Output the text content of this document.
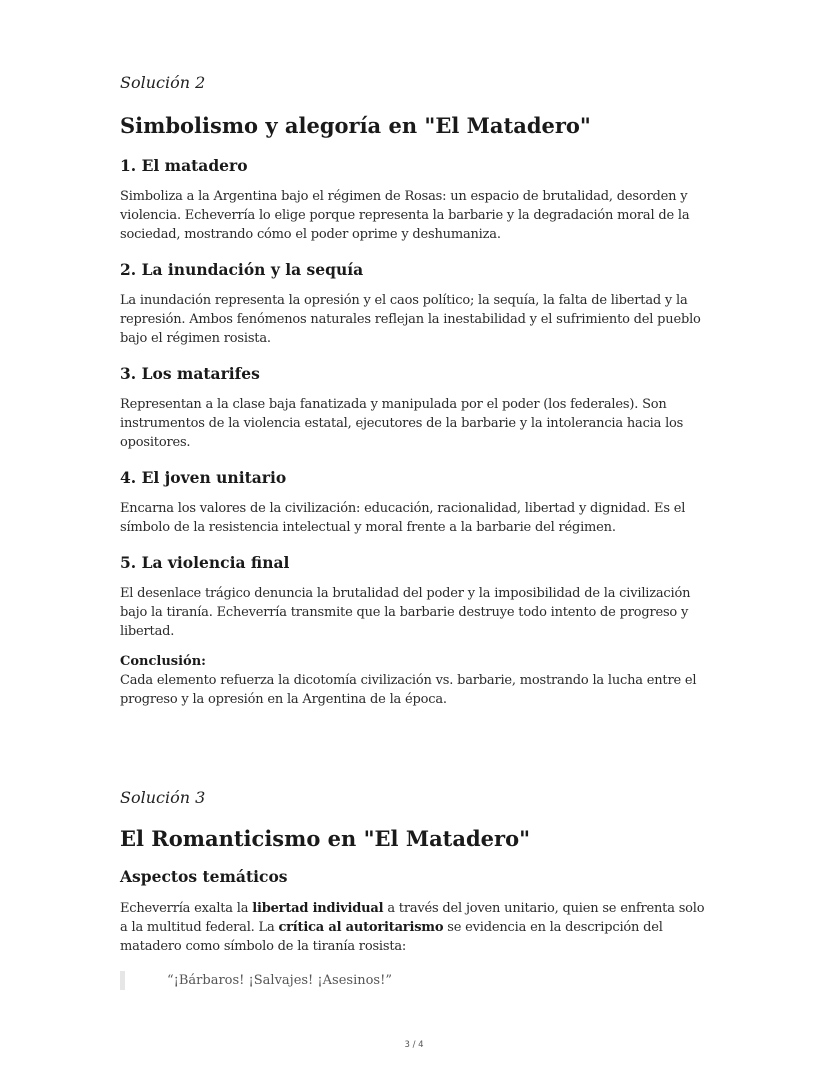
Solución 2

Simbolismo y alegoría en "El Matadero"
1. El matadero

Simboliza a la Argentina bajo el régimen de Rosas: un espacio de brutalidad, desorden y

violencia. Echeverría lo elige porque representa la barbarie y la degradación moral de la

sociedad, mostrando cómo el poder oprime y deshumaniza.

2. La inundación y la sequía

La inundación representa la opresión y el caos político; la sequía, la falta de libertad y la

represión. Ambos fenómenos naturales reflejan la inestabilidad y el sufrimiento del pueblo

bajo el régimen rosista.

3. Los matarifes

Representan a la clase baja fanatizada y manipulada por el poder (los federales). Son

instrumentos de la violencia estatal, ejecutores de la barbarie y la intolerancia hacia los

opositores.

4. El joven unitario

Encarna los valores de la civilización: educación, racionalidad, libertad y dignidad. Es el

símbolo de la resistencia intelectual y moral frente a la barbarie del régimen.

5. La violencia final

El desenlace trágico denuncia la brutalidad del poder y la imposibilidad de la civilización

bajo la tiranía. Echeverría transmite que la barbarie destruye todo intento de progreso y

libertad.

Conclusión:

Cada elemento refuerza la dicotomía civilización vs. barbarie, mostrando la lucha entre el

progreso y la opresión en la Argentina de la época.

Solución 3

El Romanticismo en "El Matadero"
Aspectos temáticos

Echeverría exalta la libertad individual a través del joven unitario, quien se enfrenta solo

a la multitud federal. La crítica al autoritarismo se evidencia en la descripción del

matadero como símbolo de la tiranía rosista:

“¡Bárbaros! ¡Salvajes! ¡Asesinos!”
3 / 4
